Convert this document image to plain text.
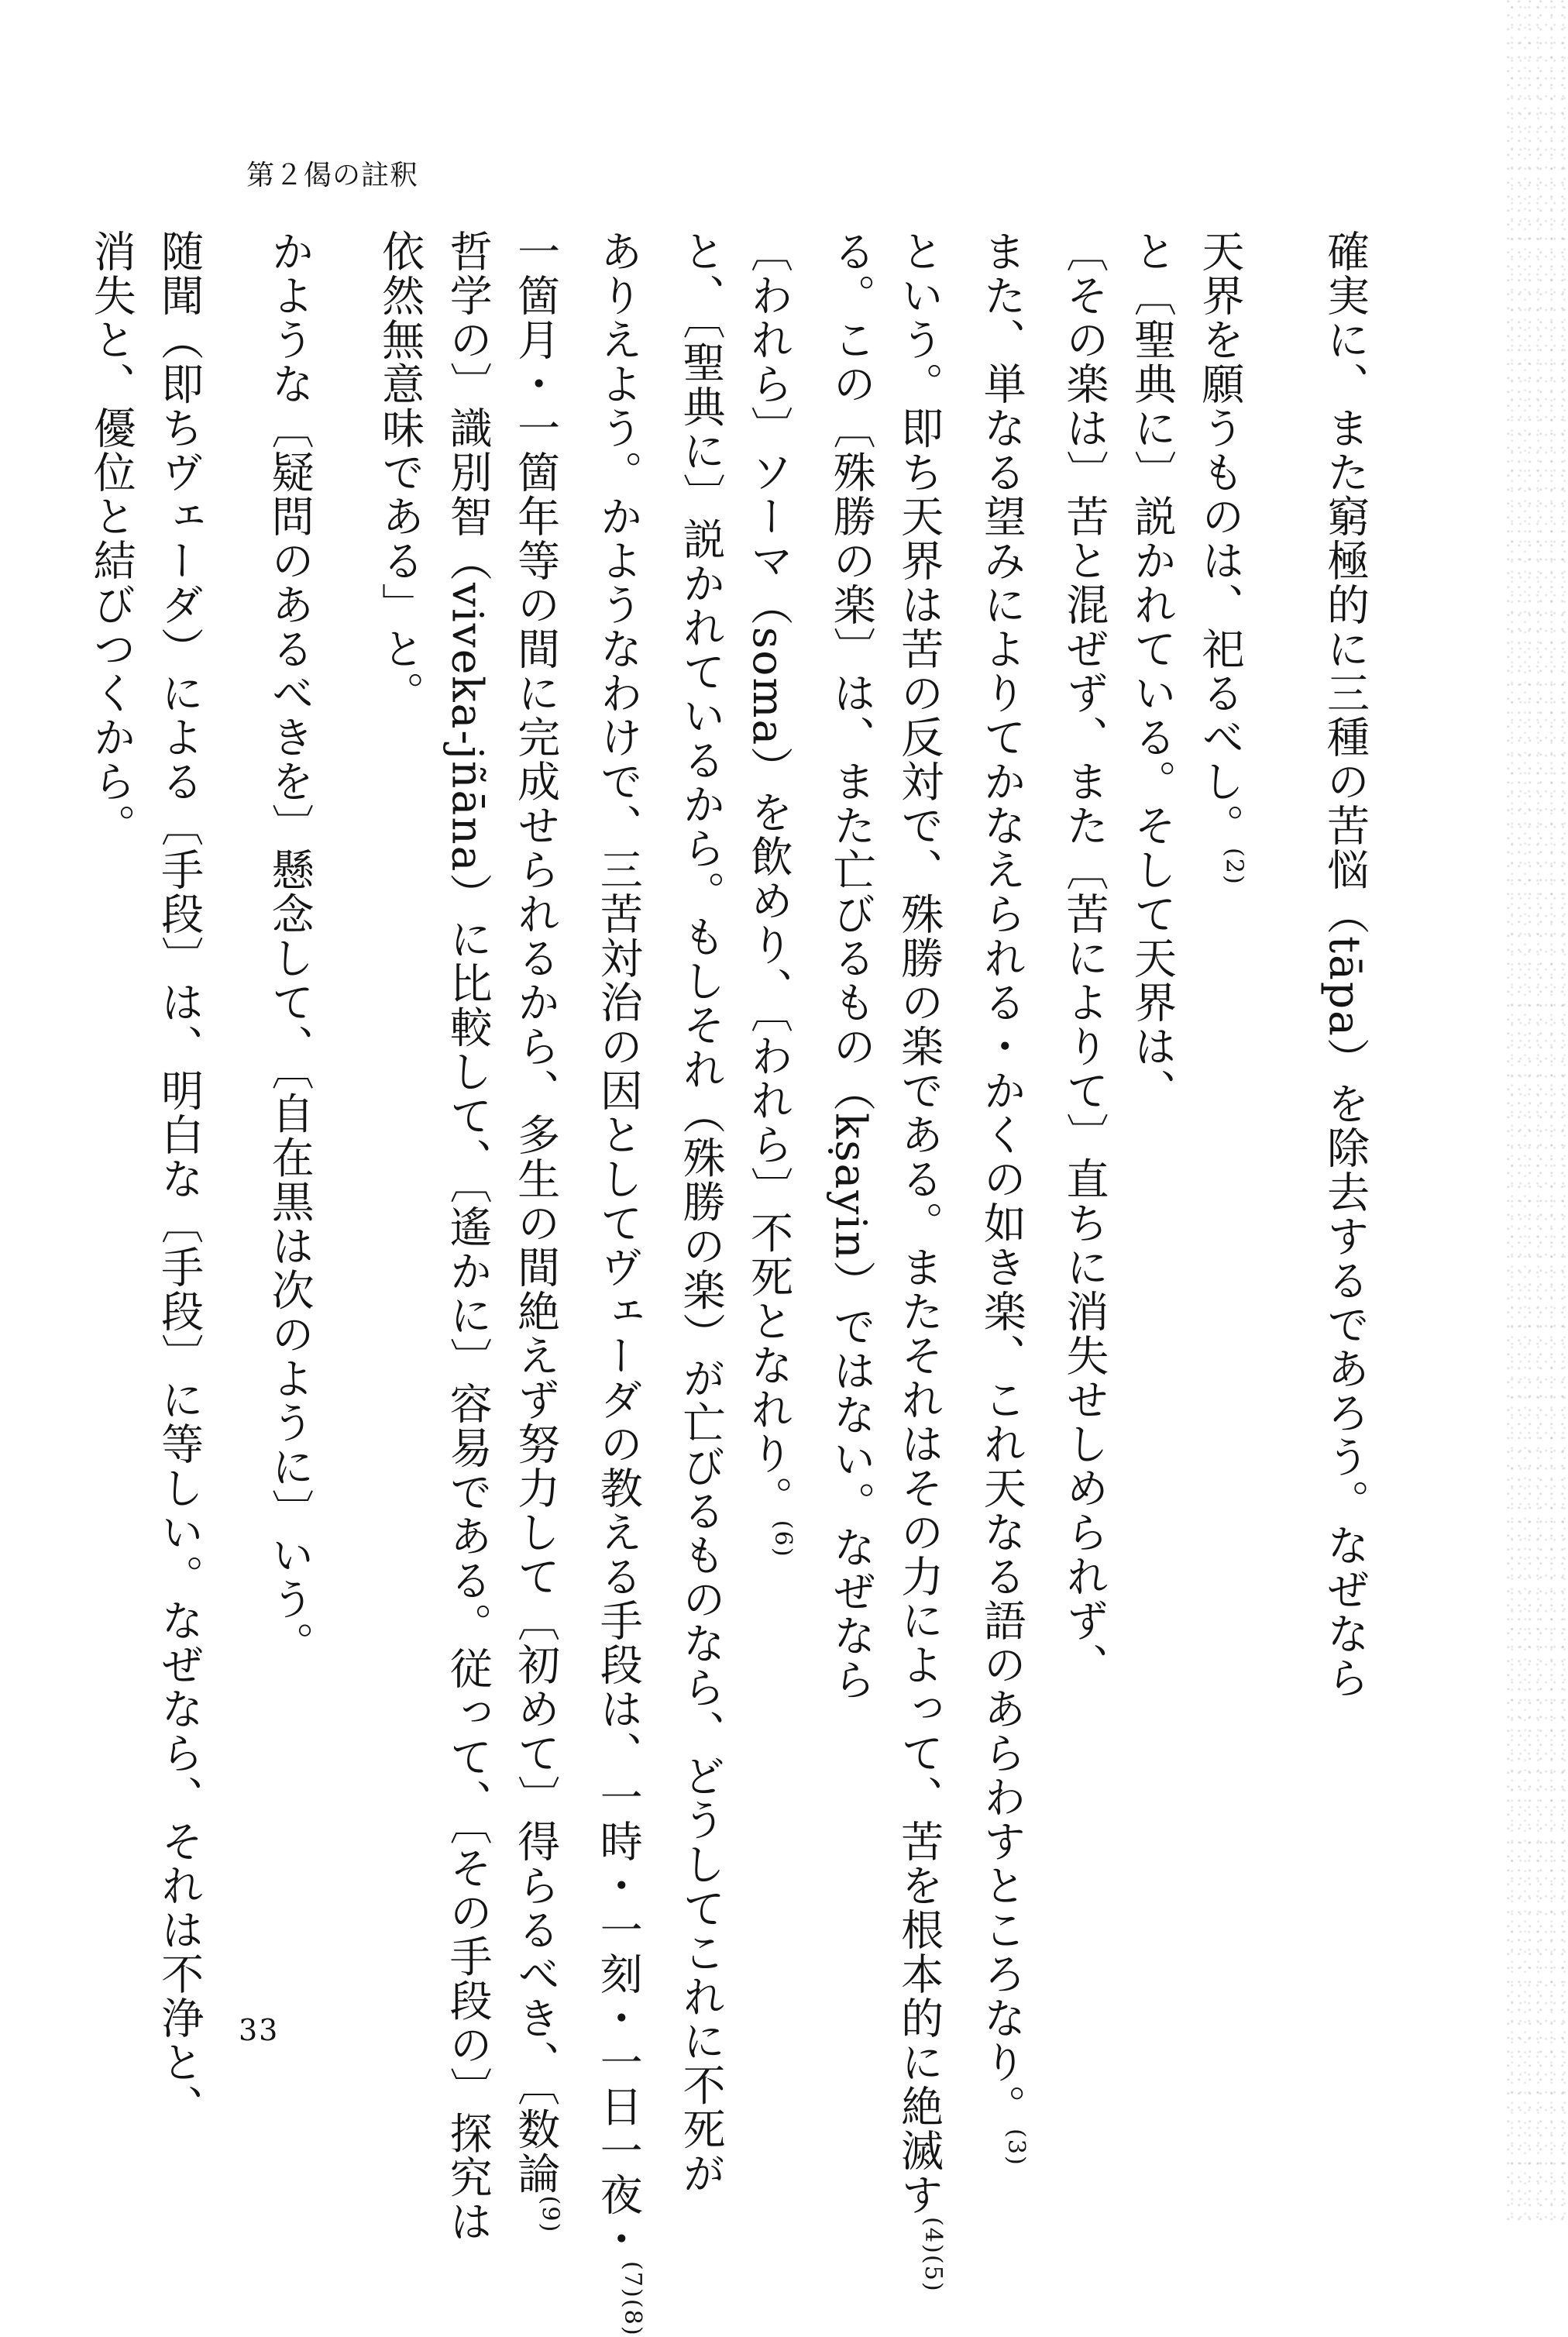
第２偈の註釈
確実に、また窮極的に三種の苦悩（tāpa）を除去するであろう。なぜなら
天界を願うものは、祀るべし。$^{(2)}$
と〔聖典に〕説かれている。そして天界は、
〔その楽は〕苦と混ぜず、また〔苦によりて〕直ちに消失せしめられず、
また、単なる望みによりてかなえられる・かくの如き楽、これ天なる語のあらわすところなり。$^{(3)}$
という。即ち天界は苦の反対で、殊勝の楽である。またそれはその力によって、苦を根本的に絶滅す$^{(4)(5)}$
る。この〔殊勝の楽〕は、また亡びるもの（kṣayin）ではない。なぜなら
〔われら〕ソーマ（soma）を飲めり、〔われら〕不死となれり。$^{(6)}$
と、〔聖典に〕説かれているから。もしそれ（殊勝の楽）が亡びるものなら、どうしてこれに不死が
ありえよう。かようなわけで、三苦対治の因としてヴェーダの教える手段は、一時・一刻・一日一夜・$^{(7)(8)}$
一箇月・一箇年等の間に完成せられるから、多生の間絶えず努力して〔初めて〕得らるべき、〔数論$^{(9)}$
哲学の〕識別智（viveka-jñāna）に比較して、〔遙かに〕容易である。従って、〔その手段の〕探究は
依然無意味である」と。
かような〔疑問のあるべきを〕懸念して、〔自在黒は次のように〕いう。
随聞（即ちヴェーダ）による〔手段〕は、明白な〔手段〕に等しい。なぜなら、それは不浄と、
消失と、優位と結びつくから。
33
